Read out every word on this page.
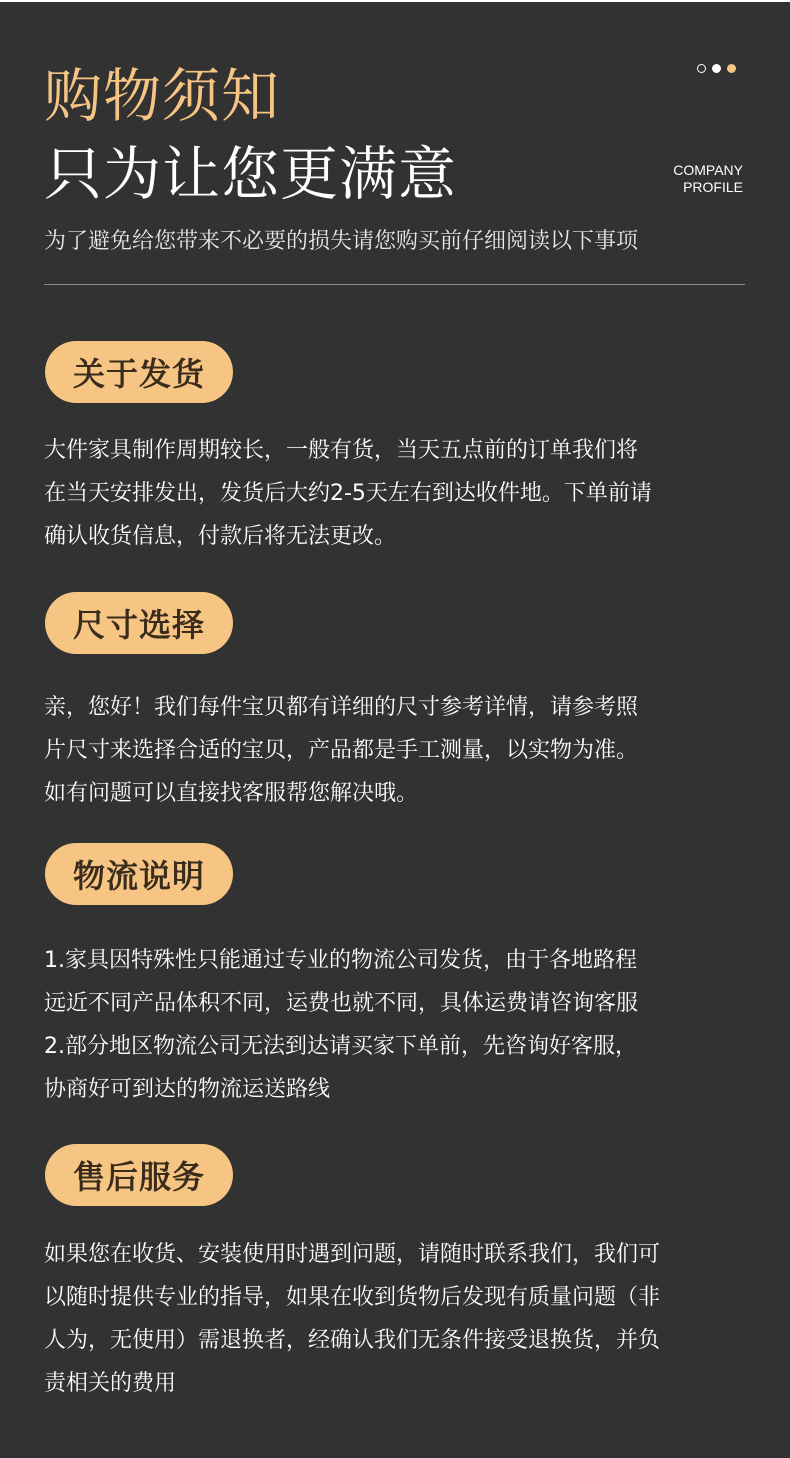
购物须知
只为让您更满意
为了避免给您带来不必要的损失请您购买前仔细阅读以下事项
COMPANY
PROFILE
关于发货
大件家具制作周期较长，一般有货，当天五点前的订单我们将
在当天安排发出，发货后大约2-5天左右到达收件地。下单前请
确认收货信息，付款后将无法更改。
尺寸选择
亲，您好！我们每件宝贝都有详细的尺寸参考详情，请参考照
片尺寸来选择合适的宝贝，产品都是手工测量，以实物为准。
如有问题可以直接找客服帮您解决哦。
物流说明
1.家具因特殊性只能通过专业的物流公司发货，由于各地路程
远近不同产品体积不同，运费也就不同，具体运费请咨询客服
2.部分地区物流公司无法到达请买家下单前，先咨询好客服，
协商好可到达的物流运送路线
售后服务
如果您在收货、安装使用时遇到问题，请随时联系我们，我们可
以随时提供专业的指导，如果在收到货物后发现有质量问题（非
人为，无使用）需退换者，经确认我们无条件接受退换货，并负
责相关的费用
